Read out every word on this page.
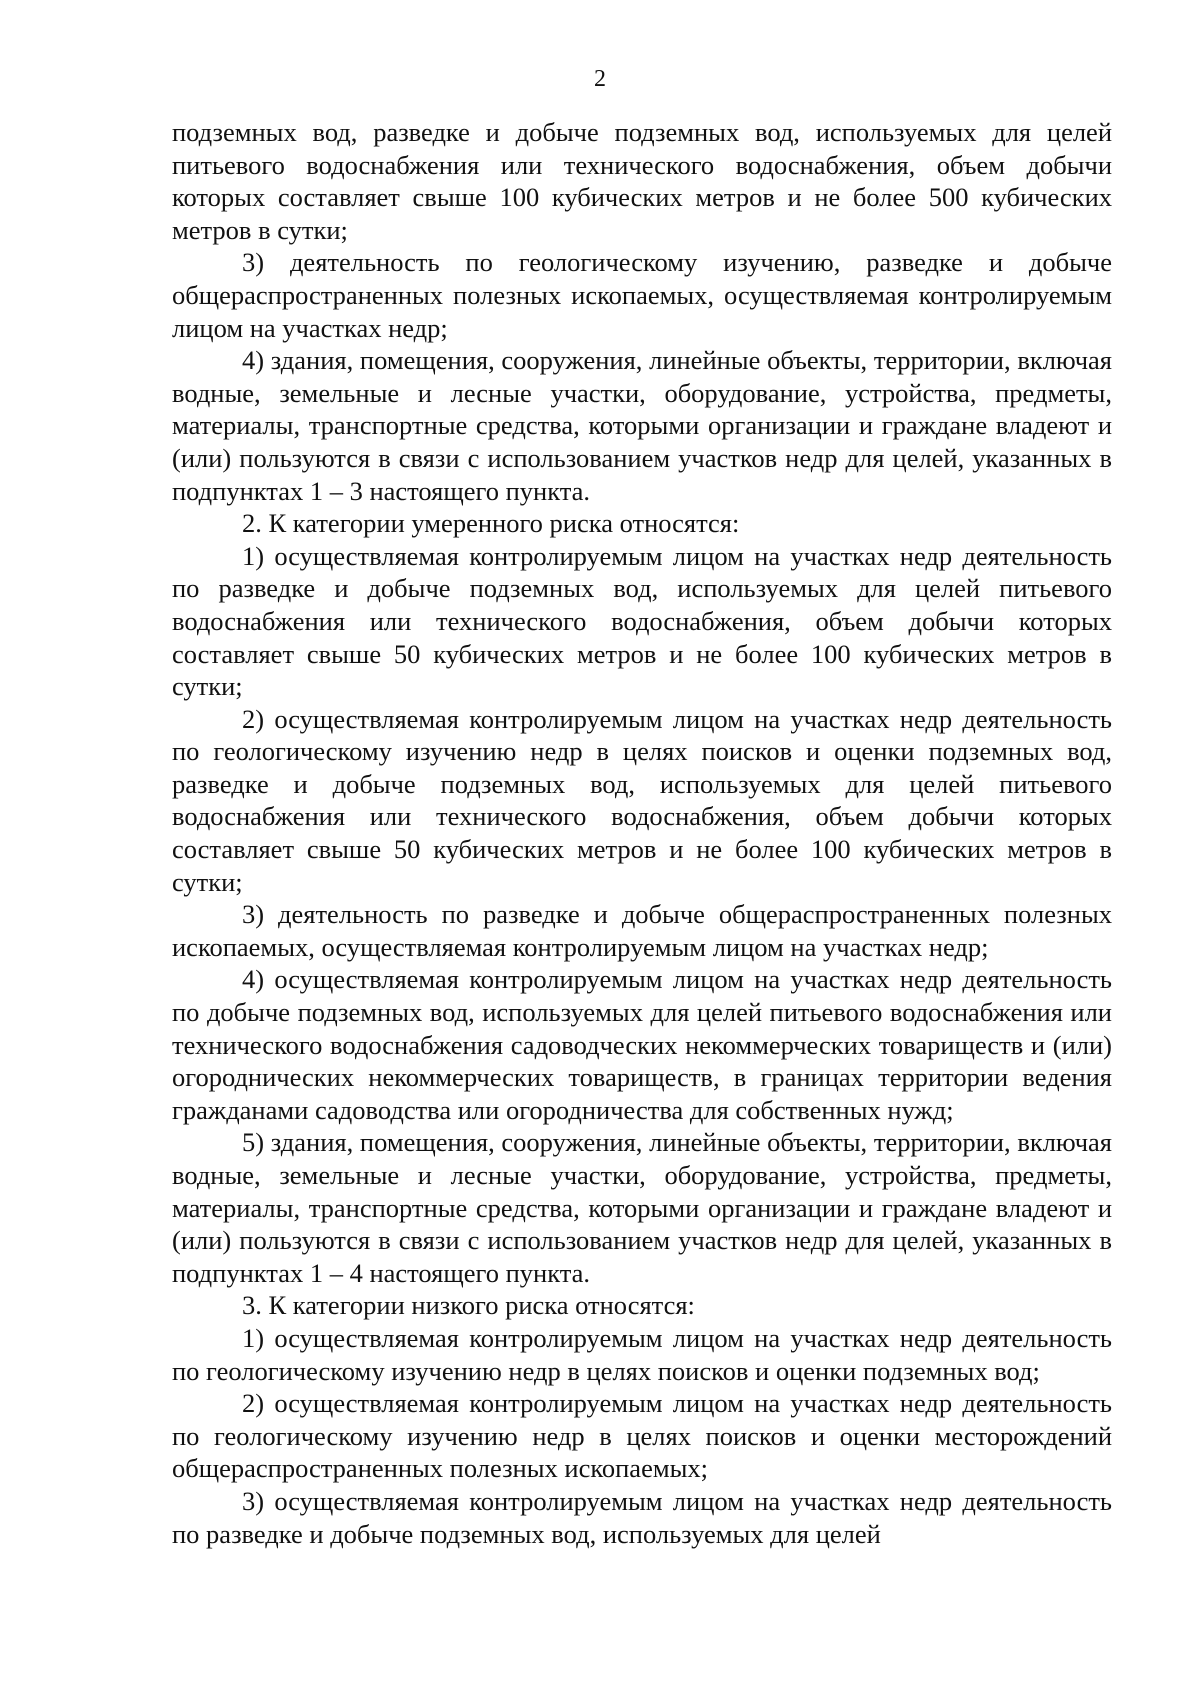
2

подземных вод, разведке и добыче подземных вод, используемых для целей питьевого водоснабжения или технического водоснабжения, объем добычи которых составляет свыше 100 кубических метров и не более 500 кубических метров в сутки;

3) деятельность по геологическому изучению, разведке и добыче общераспространенных полезных ископаемых, осуществляемая контролируемым лицом на участках недр;

4) здания, помещения, сооружения, линейные объекты, территории, включая водные, земельные и лесные участки, оборудование, устройства, предметы, материалы, транспортные средства, которыми организации и граждане владеют и (или) пользуются в связи с использованием участков недр для целей, указанных в подпунктах 1 – 3 настоящего пункта.

2. К категории умеренного риска относятся:

1) осуществляемая контролируемым лицом на участках недр деятельность по разведке и добыче подземных вод, используемых для целей питьевого водоснабжения или технического водоснабжения, объем добычи которых составляет свыше 50 кубических метров и не более 100 кубических метров в сутки;

2) осуществляемая контролируемым лицом на участках недр деятельность по геологическому изучению недр в целях поисков и оценки подземных вод, разведке и добыче подземных вод, используемых для целей питьевого водоснабжения или технического водоснабжения, объем добычи которых составляет свыше 50 кубических метров и не более 100 кубических метров в сутки;

3) деятельность по разведке и добыче общераспространенных полезных ископаемых, осуществляемая контролируемым лицом на участках недр;

4) осуществляемая контролируемым лицом на участках недр деятельность по добыче подземных вод, используемых для целей питьевого водоснабжения или технического водоснабжения садоводческих некоммерческих товариществ и (или) огороднических некоммерческих товариществ, в границах территории ведения гражданами садоводства или огородничества для собственных нужд;

5) здания, помещения, сооружения, линейные объекты, территории, включая водные, земельные и лесные участки, оборудование, устройства, предметы, материалы, транспортные средства, которыми организации и граждане владеют и (или) пользуются в связи с использованием участков недр для целей, указанных в подпунктах 1 – 4 настоящего пункта.

3. К категории низкого риска относятся:

1) осуществляемая контролируемым лицом на участках недр деятельность по геологическому изучению недр в целях поисков и оценки подземных вод;

2) осуществляемая контролируемым лицом на участках недр деятельность по геологическому изучению недр в целях поисков и оценки месторождений общераспространенных полезных ископаемых;

3) осуществляемая контролируемым лицом на участках недр деятельность по разведке и добыче подземных вод, используемых для целей
